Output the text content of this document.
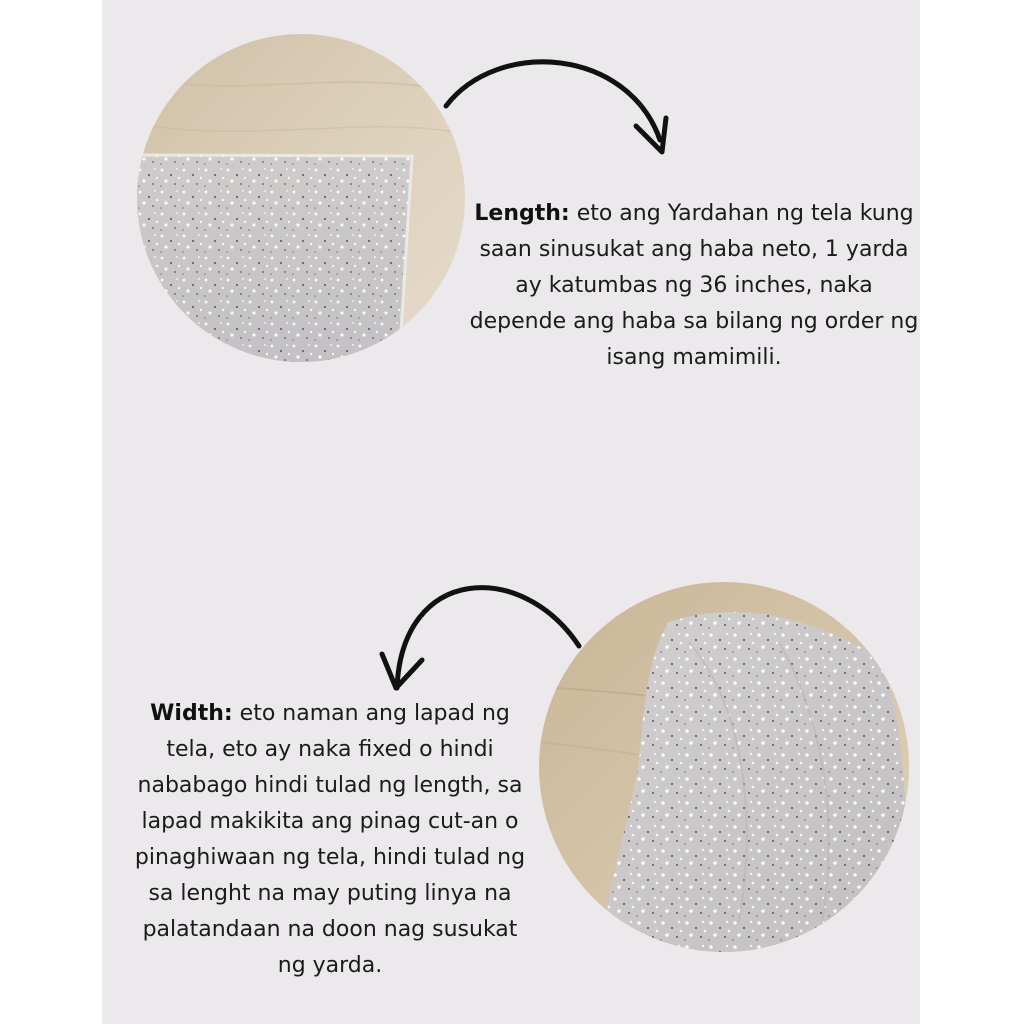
Length: eto ang Yardahan ng tela kung saan sinusukat ang haba neto, 1 yarda ay katumbas ng 36 inches, naka depende ang haba sa bilang ng order ng isang mamimili.
Width: eto naman ang lapad ng tela, eto ay naka fixed o hindi nababago hindi tulad ng length, sa lapad makikita ang pinag cut-an o pinaghiwaan ng tela, hindi tulad ng sa lenght na may puting linya na palatandaan na doon nag susukat ng yarda.
